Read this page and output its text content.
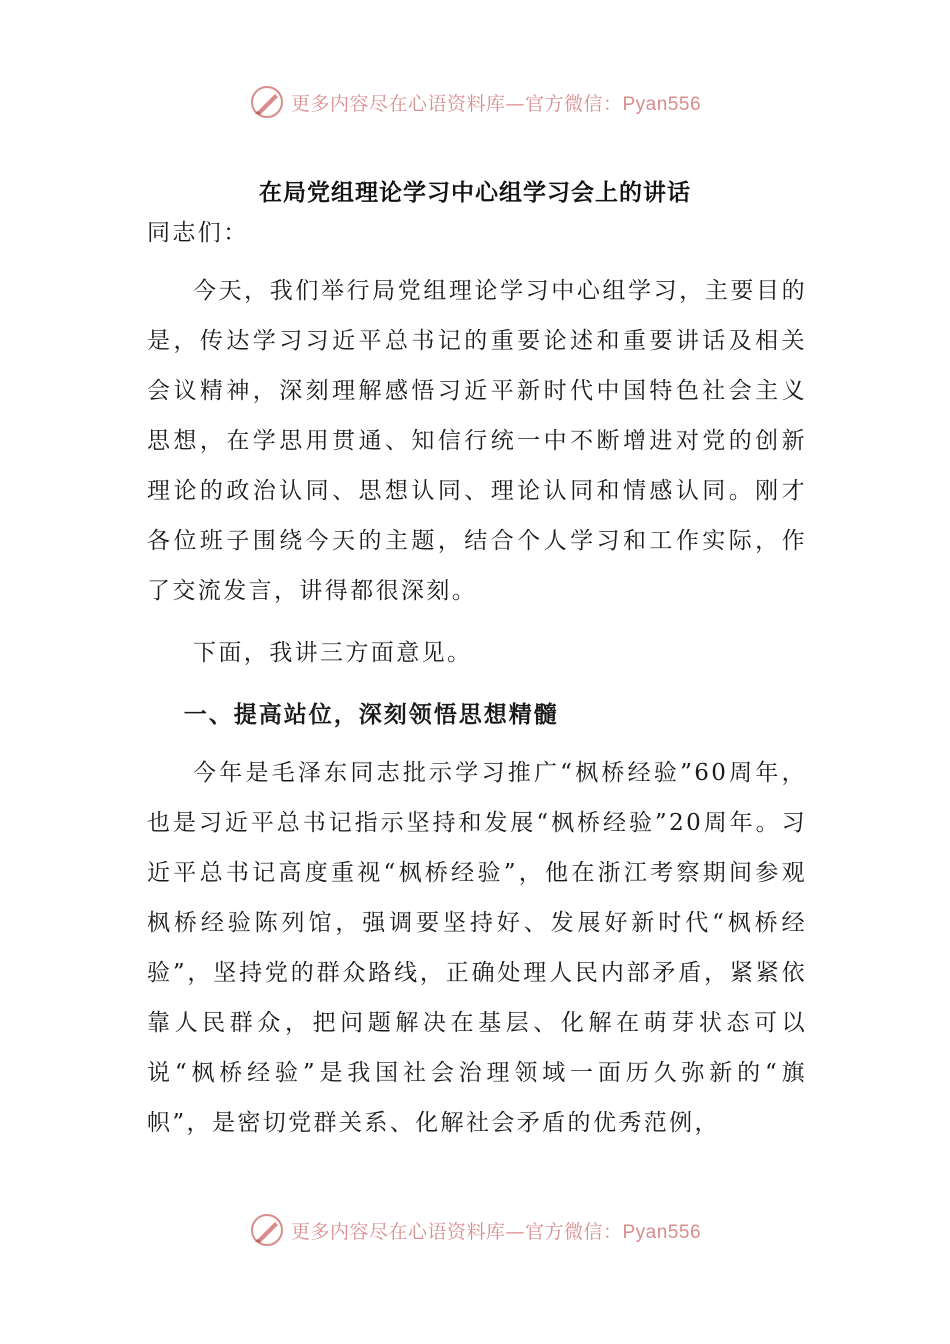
更多内容尽在心语资料库—官方微信：Pyan556
在局党组理论学习中心组学习会上的讲话

同志们：

今天，我们举行局党组理论学习中心组学习，主要目的是，传达学习习近平总书记的重要论述和重要讲话及相关会议精神，深刻理解感悟习近平新时代中国特色社会主义思想，在学思用贯通、知信行统一中不断增进对党的创新理论的政治认同、思想认同、理论认同和情感认同。刚才各位班子围绕今天的主题，结合个人学习和工作实际，作了交流发言，讲得都很深刻。

下面，我讲三方面意见。

一、提高站位，深刻领悟思想精髓

今年是毛泽东同志批示学习推广“枫桥经验”60周年，也是习近平总书记指示坚持和发展“枫桥经验”20周年。习近平总书记高度重视“枫桥经验”，他在浙江考察期间参观枫桥经验陈列馆，强调要坚持好、发展好新时代“枫桥经验”，坚持党的群众路线，正确处理人民内部矛盾，紧紧依靠人民群众，把问题解决在基层、化解在萌芽状态可以说“枫桥经验”是我国社会治理领域一面历久弥新的“旗帜”，是密切党群关系、化解社会矛盾的优秀范例，

更多内容尽在心语资料库—官方微信：Pyan556
